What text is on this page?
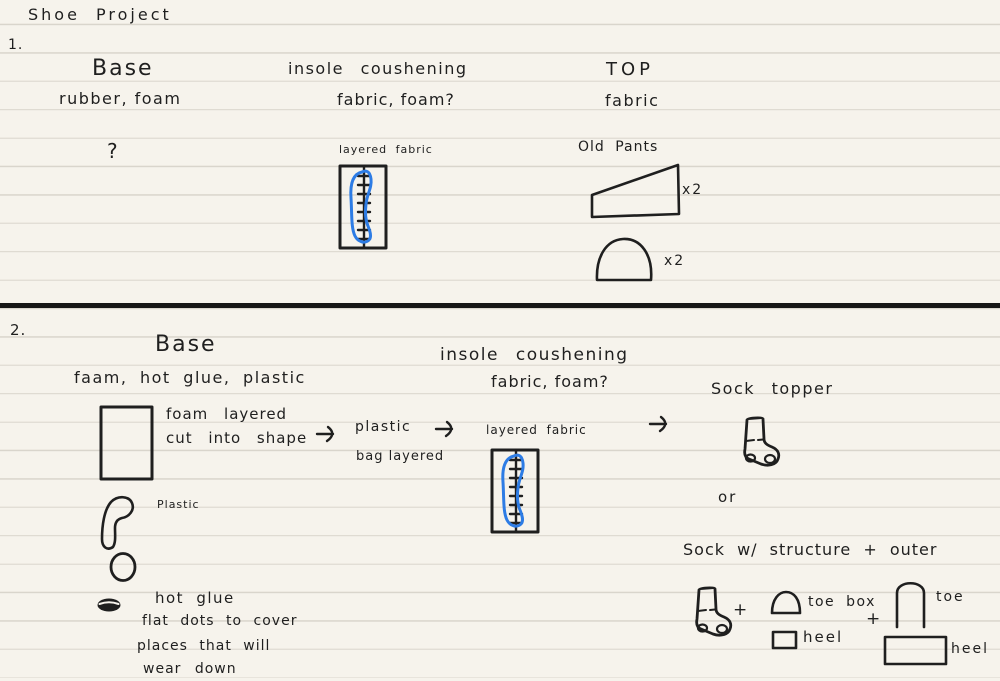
Shoe Project
1.
Base
rubber, foam
?
insole coushening
fabric, foam?
layered fabric
TOP
fabric
Old Pants
x2
x2
2.
Base
faam, hot glue, plastic
foam layered
cut into shape
plastic
bag layered
insole coushening
fabric, foam?
layered fabric
Sock topper
or
Sock w/ structure + outer
+	toe box
heel
+
toe
heel
Plastic
hot glue
flat dots to cover
places that will
wear down
